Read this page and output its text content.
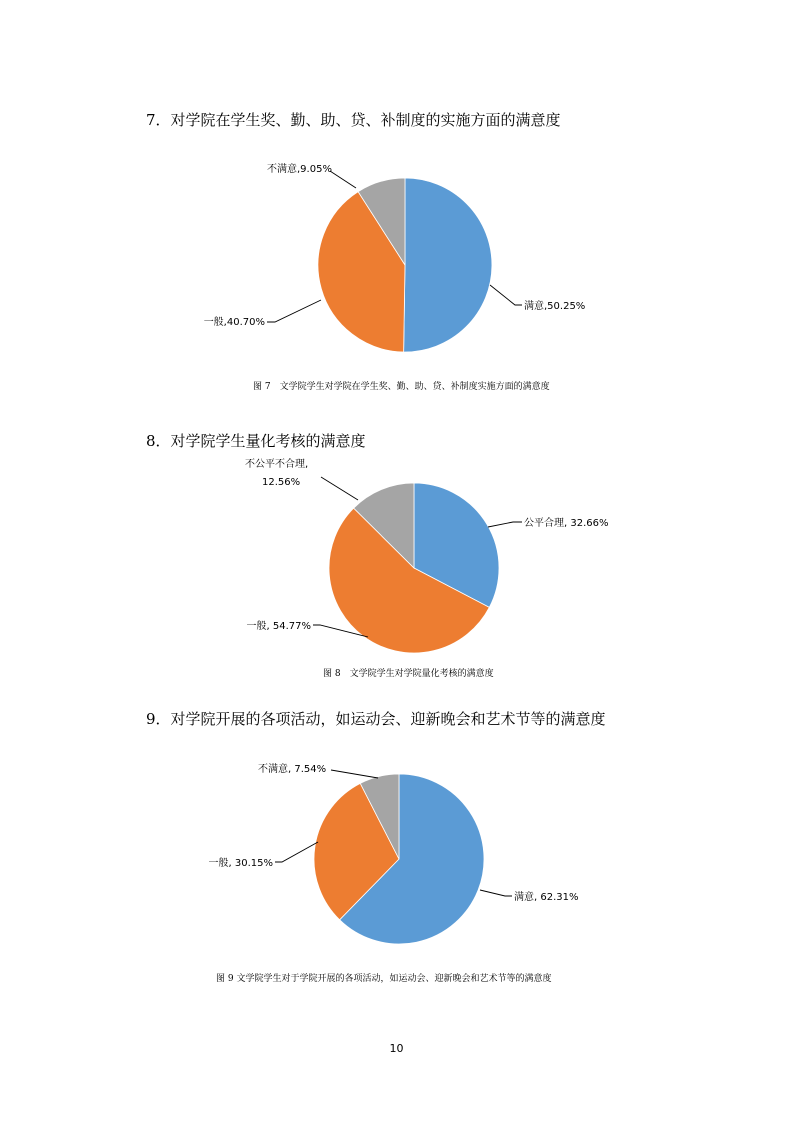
7．对学院在学生奖、勤、助、贷、补制度的实施方面的满意度
8．对学院学生量化考核的满意度
9．对学院开展的各项活动，如运动会、迎新晚会和艺术节等的满意度
图 7　文学院学生对学院在学生奖、勤、助、贷、补制度实施方面的满意度
图 8　文学院学生对学院量化考核的满意度
图 9 文学院学生对于学院开展的各项活动，如运动会、迎新晚会和艺术节等的满意度
满意,50.25%
一般,40.70%
不满意,9.05%
公平合理, 32.66%
一般, 54.77%
不公平不合理,
12.56%
满意, 62.31%
一般, 30.15%
不满意, 7.54%
10
